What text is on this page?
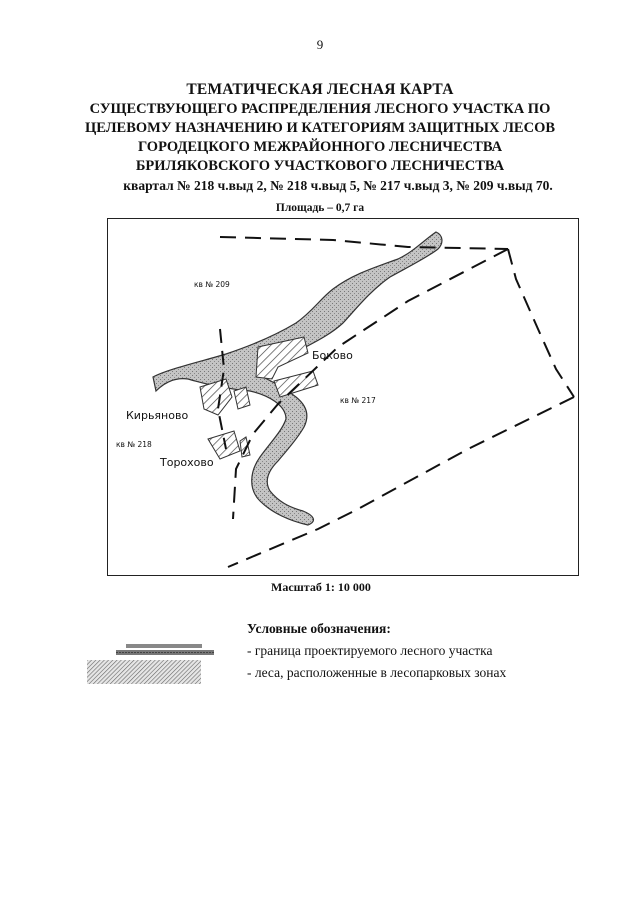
9
ТЕМАТИЧЕСКАЯ ЛЕСНАЯ КАРТА
СУЩЕСТВУЮЩЕГО РАСПРЕДЕЛЕНИЯ ЛЕСНОГО УЧАСТКА ПО
ЦЕЛЕВОМУ НАЗНАЧЕНИЮ И КАТЕГОРИЯМ ЗАЩИТНЫХ ЛЕСОВ
ГОРОДЕЦКОГО МЕЖРАЙОННОГО ЛЕСНИЧЕСТВА
БРИЛЯКОВСКОГО УЧАСТКОВОГО ЛЕСНИЧЕСТВА
квартал № 218 ч.выд 2, № 218 ч.выд 5, № 217 ч.выд 3, № 209 ч.выд 70.
Площадь – 0,7 га
кв № 209
кв № 217
кв № 218
Боково
Кирьяново
Торохово
Масштаб 1: 10 000
Условные обозначения:
- граница проектируемого лесного участка
- леса, расположенные в лесопарковых зонах
